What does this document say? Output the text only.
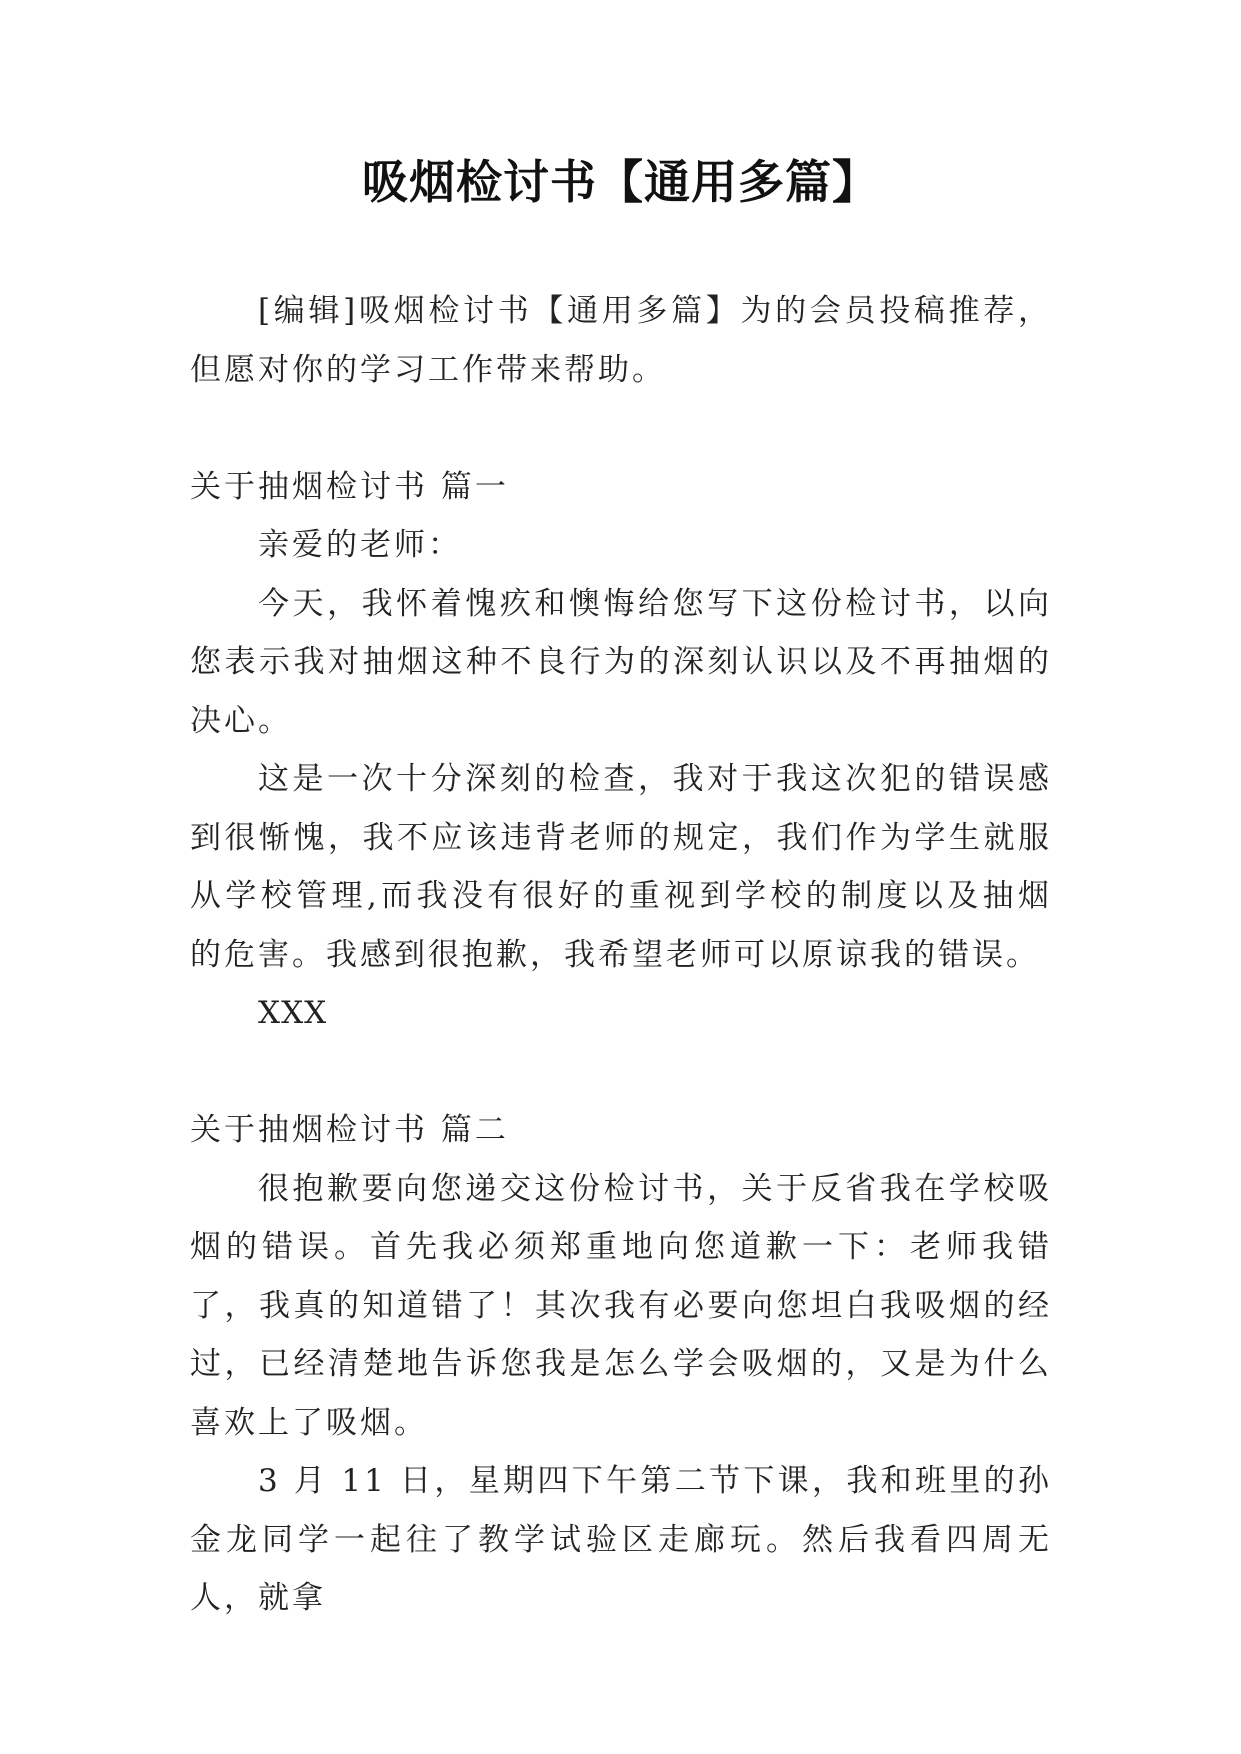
吸烟检讨书【通用多篇】

[编辑]吸烟检讨书【通用多篇】为的会员投稿推荐，但愿对你的学习工作带来帮助。

关于抽烟检讨书 篇一

亲爱的老师：

今天，我怀着愧疚和懊悔给您写下这份检讨书，以向您表示我对抽烟这种不良行为的深刻认识以及不再抽烟的决心。

这是一次十分深刻的检查，我对于我这次犯的错误感到很惭愧，我不应该违背老师的规定，我们作为学生就服从学校管理,而我没有很好的重视到学校的制度以及抽烟的危害。我感到很抱歉，我希望老师可以原谅我的错误。

XXX

关于抽烟检讨书 篇二

很抱歉要向您递交这份检讨书，关于反省我在学校吸烟的错误。首先我必须郑重地向您道歉一下：老师我错了，我真的知道错了！其次我有必要向您坦白我吸烟的经过，已经清楚地告诉您我是怎么学会吸烟的，又是为什么喜欢上了吸烟。

3 月 11 日，星期四下午第二节下课，我和班里的孙金龙同学一起往了教学试验区走廊玩。然后我看四周无人，就拿
